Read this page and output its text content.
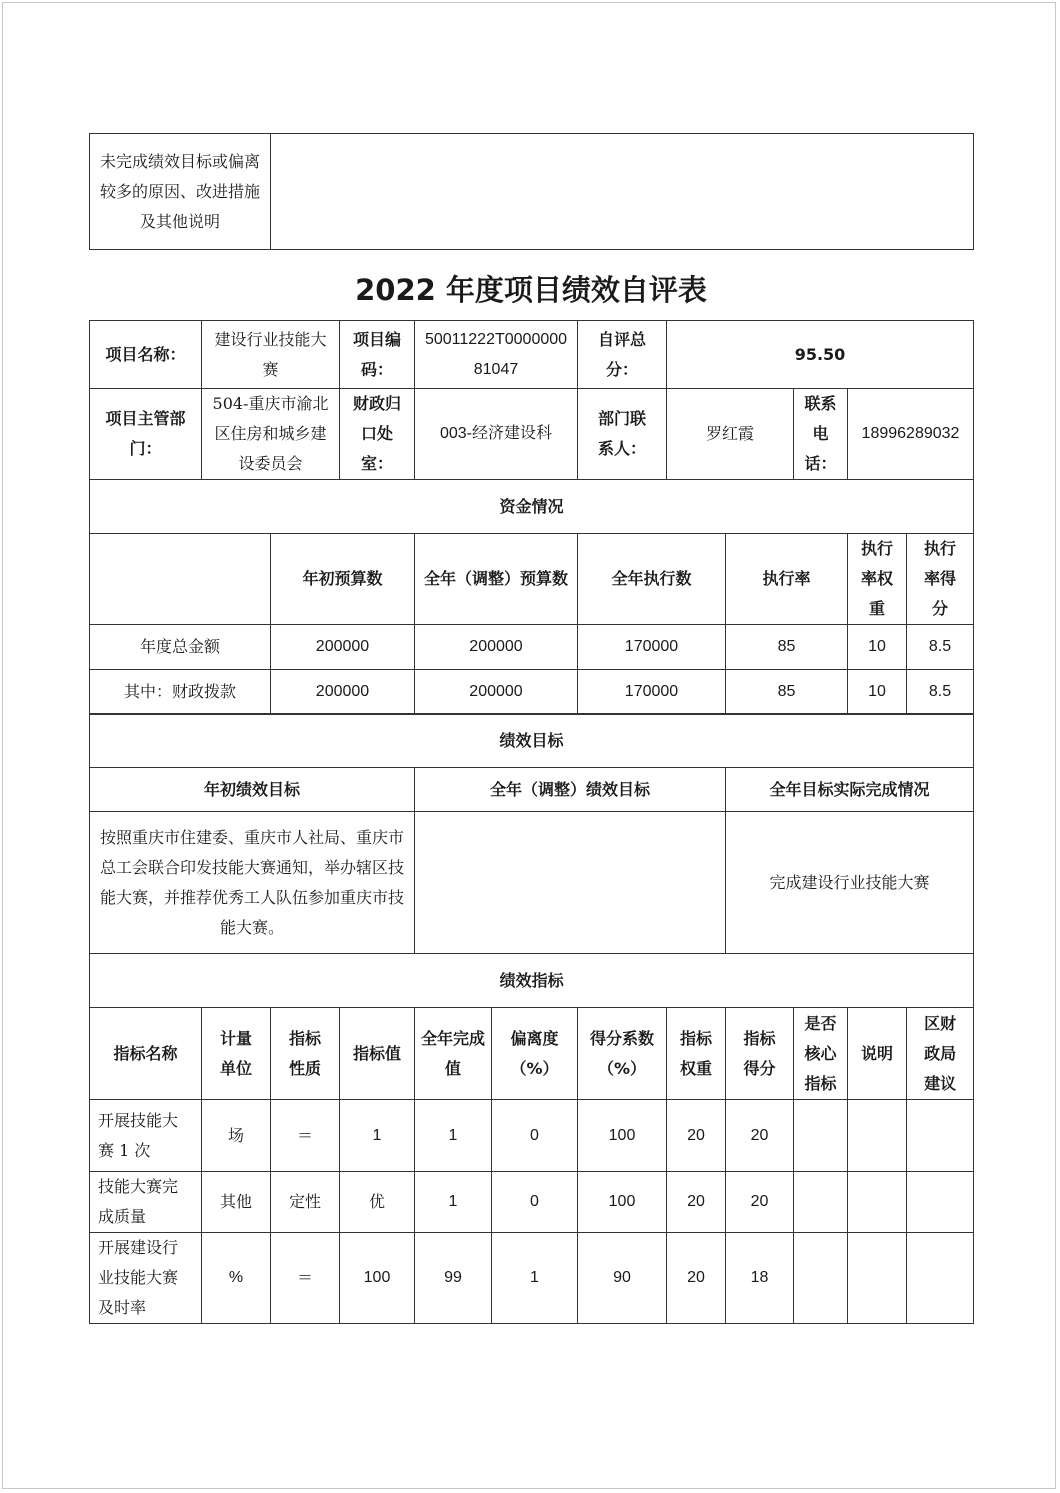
未完成绩效目标或偏离较多的原因、改进措施及其他说明	
2022 年度项目绩效自评表
项目名称：	建设行业技能大赛	项目编码：	50011222T000000081047	自评总分：	95.50		
项目主管部门：	504-重庆市渝北区住房和城乡建设委员会	财政归口处室：	003-经济建设科	部门联系人：	罗红霞	联系电话：	18996289032
资金情况						
	年初预算数	全年（调整）预算数	全年执行数	执行率	执行率权重	执行率得分
年度总金额	200000	200000	170000	85	10	8.5
其中：财政拨款	200000	200000	170000	85	10	8.5
绩效目标		
年初绩效目标	全年（调整）绩效目标	全年目标实际完成情况
按照重庆市住建委、重庆市人社局、重庆市总工会联合印发技能大赛通知，举办辖区技能大赛，并推荐优秀工人队伍参加重庆市技能大赛。		完成建设行业技能大赛
绩效指标											
指标名称	计量单位	指标性质	指标值	全年完成值	偏离度（%）	得分系数（%）	指标权重	指标得分	是否核心指标	说明	区财政局建议
开展技能大赛 1 次	场	＝	1	1	0	100	20	20			
技能大赛完成质量	其他	定性	优	1	0	100	20	20			
开展建设行业技能大赛及时率	%	＝	100	99	1	90	20	18			
